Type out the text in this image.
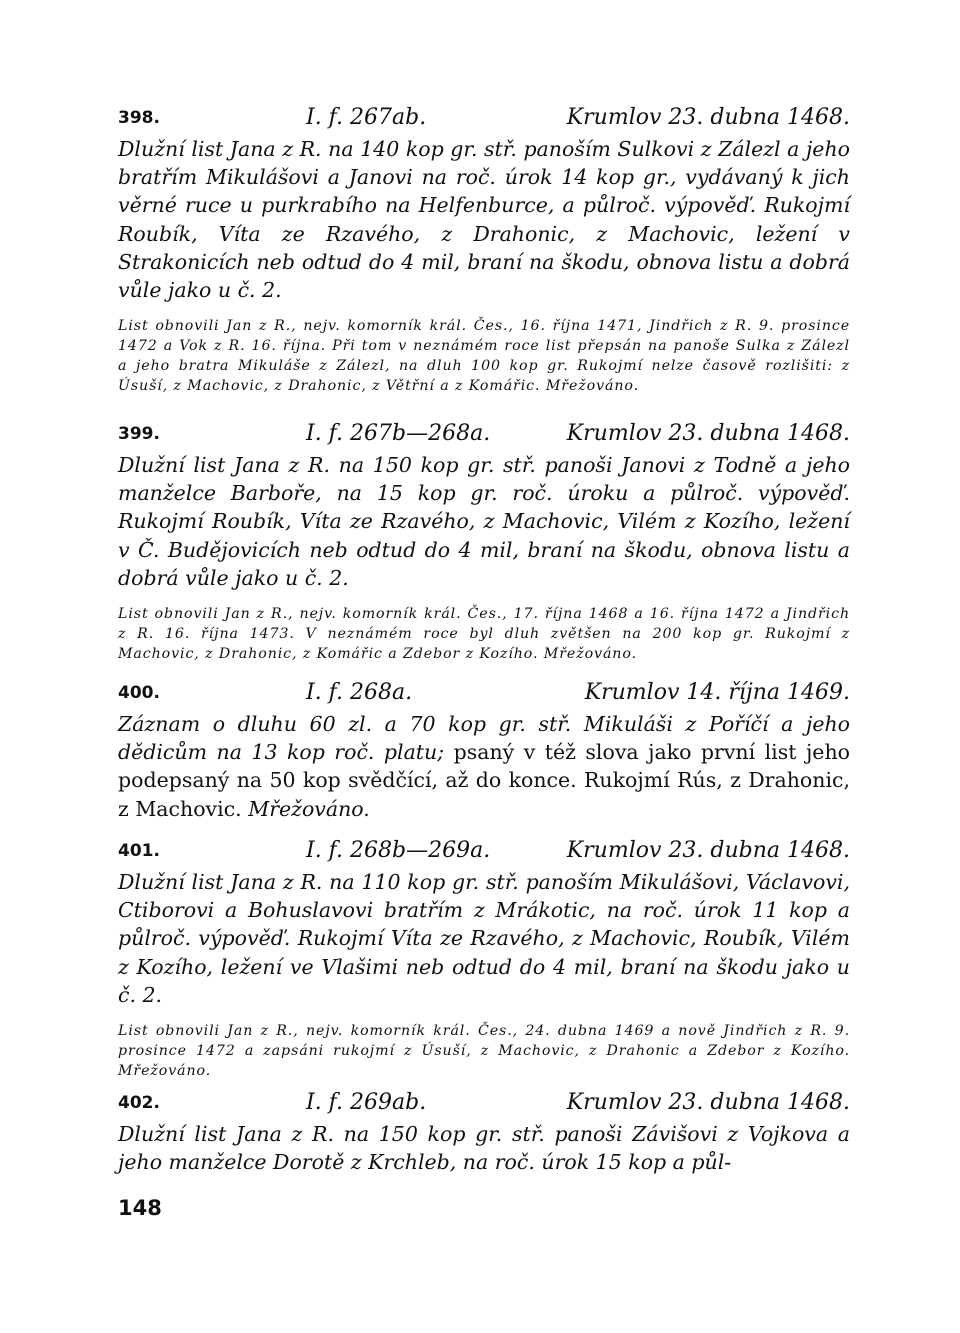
398.	I. f. 267ab.	Krumlov 23. dubna 1468.

Dlužní list Jana z R. na 140 kop gr. stř. panoším Sulkovi z Zálezl a jeho bratřím Mikulášovi a Janovi na roč. úrok 14 kop gr., vydávaný k jich věrné ruce u purkrabího na Helfenburce, a půlroč. výpověď. Rukojmí Roubík, Víta ze Rzavého, z Drahonic, z Machovic, ležení v Strakonicích neb odtud do 4 mil, braní na škodu, obnova listu a dobrá vůle jako u č. 2.

List obnovili Jan z R., nejv. komorník král. Čes., 16. října 1471, Jindřich z R. 9. prosince 1472 a Vok z R. 16. října. Při tom v neznámém roce list přepsán na panoše Sulka z Zálezl a jeho bratra Mikuláše z Zálezl, na dluh 100 kop gr. Rukojmí nelze časově rozlišiti: z Úsuší, z Machovic, z Drahonic, z Větřní a z Komářic. Mřežováno.

399.	I. f. 267b—268a.	Krumlov 23. dubna 1468.

Dlužní list Jana z R. na 150 kop gr. stř. panoši Janovi z Todně a jeho manželce Barboře, na 15 kop gr. roč. úroku a půlroč. výpověď. Rukojmí Roubík, Víta ze Rzavého, z Machovic, Vilém z Kozího, ležení v Č. Budějovicích neb odtud do 4 mil, braní na škodu, obnova listu a dobrá vůle jako u č. 2.

List obnovili Jan z R., nejv. komorník král. Čes., 17. října 1468 a 16. října 1472 a Jindřich z R. 16. října 1473. V neznámém roce byl dluh zvětšen na 200 kop gr. Rukojmí z Machovic, z Drahonic, z Komářic a Zdebor z Kozího. Mřežováno.

400.	I. f. 268a.	Krumlov 14. října 1469.

Záznam o dluhu 60 zl. a 70 kop gr. stř. Mikuláši z Poříčí a jeho dědicům na 13 kop roč. platu; psaný v též slova jako první list jeho podepsaný na 50 kop svědčící, až do konce. Rukojmí Rús, z Drahonic, z Machovic. Mřežováno.

401.	I. f. 268b—269a.	Krumlov 23. dubna 1468.

Dlužní list Jana z R. na 110 kop gr. stř. panoším Mikulášovi, Václavovi, Ctiborovi a Bohuslavovi bratřím z Mrákotic, na roč. úrok 11 kop a půlroč. výpověď. Rukojmí Víta ze Rzavého, z Machovic, Roubík, Vilém z Kozího, ležení ve Vlašimi neb odtud do 4 mil, braní na škodu jako u č. 2.

List obnovili Jan z R., nejv. komorník král. Čes., 24. dubna 1469 a nově Jindřich z R. 9. prosince 1472 a zapsáni rukojmí z Úsuší, z Machovic, z Drahonic a Zdebor z Kozího. Mřežováno.

402.	I. f. 269ab.	Krumlov 23. dubna 1468.

Dlužní list Jana z R. na 150 kop gr. stř. panoši Závišovi z Vojkova a jeho manželce Dorotě z Krchleb, na roč. úrok 15 kop a půl-

148
